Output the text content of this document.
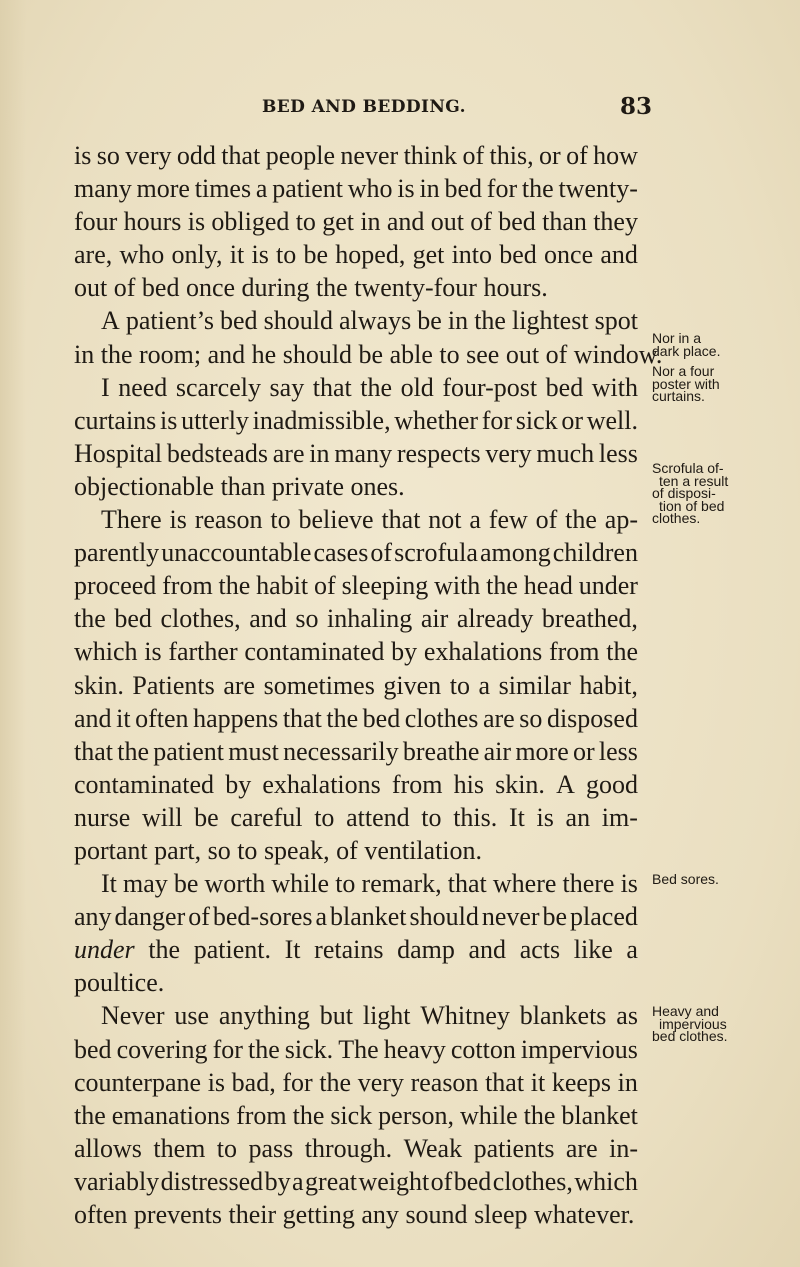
BED AND BEDDING.	83
is so very odd that people never think of this, or of how
many more times a patient who is in bed for the twenty-
four hours is obliged to get in and out of bed than they
are, who only, it is to be hoped, get into bed once and
out of bed once during the twenty-four hours.
A patient’s bed should always be in the lightest spot
in the room; and he should be able to see out of window.
I need scarcely say that the old four-post bed with
curtains is utterly inadmissible, whether for sick or well.
Hospital bedsteads are in many respects very much less
objectionable than private ones.
There is reason to believe that not a few of the ap-
parently unaccountable cases of scrofula among children
proceed from the habit of sleeping with the head under
the bed clothes, and so inhaling air already breathed,
which is farther contaminated by exhalations from the
skin. Patients are sometimes given to a similar habit,
and it often happens that the bed clothes are so disposed
that the patient must necessarily breathe air more or less
contaminated by exhalations from his skin. A good
nurse will be careful to attend to this. It is an im-
portant part, so to speak, of ventilation.
It may be worth while to remark, that where there is
any danger of bed-sores a blanket should never be placed
under the patient. It retains damp and acts like a
poultice.
Never use anything but light Whitney blankets as
bed covering for the sick. The heavy cotton impervious
counterpane is bad, for the very reason that it keeps in
the emanations from the sick person, while the blanket
allows them to pass through. Weak patients are in-
variably distressed by a great weight of bed clothes, which
often prevents their getting any sound sleep whatever.
Nor in a
dark place.
Nor a four
poster with
curtains.
Scrofula of-
ten a result
of disposi-
tion of bed
clothes.
Bed sores.
Heavy and
impervious
bed clothes.
